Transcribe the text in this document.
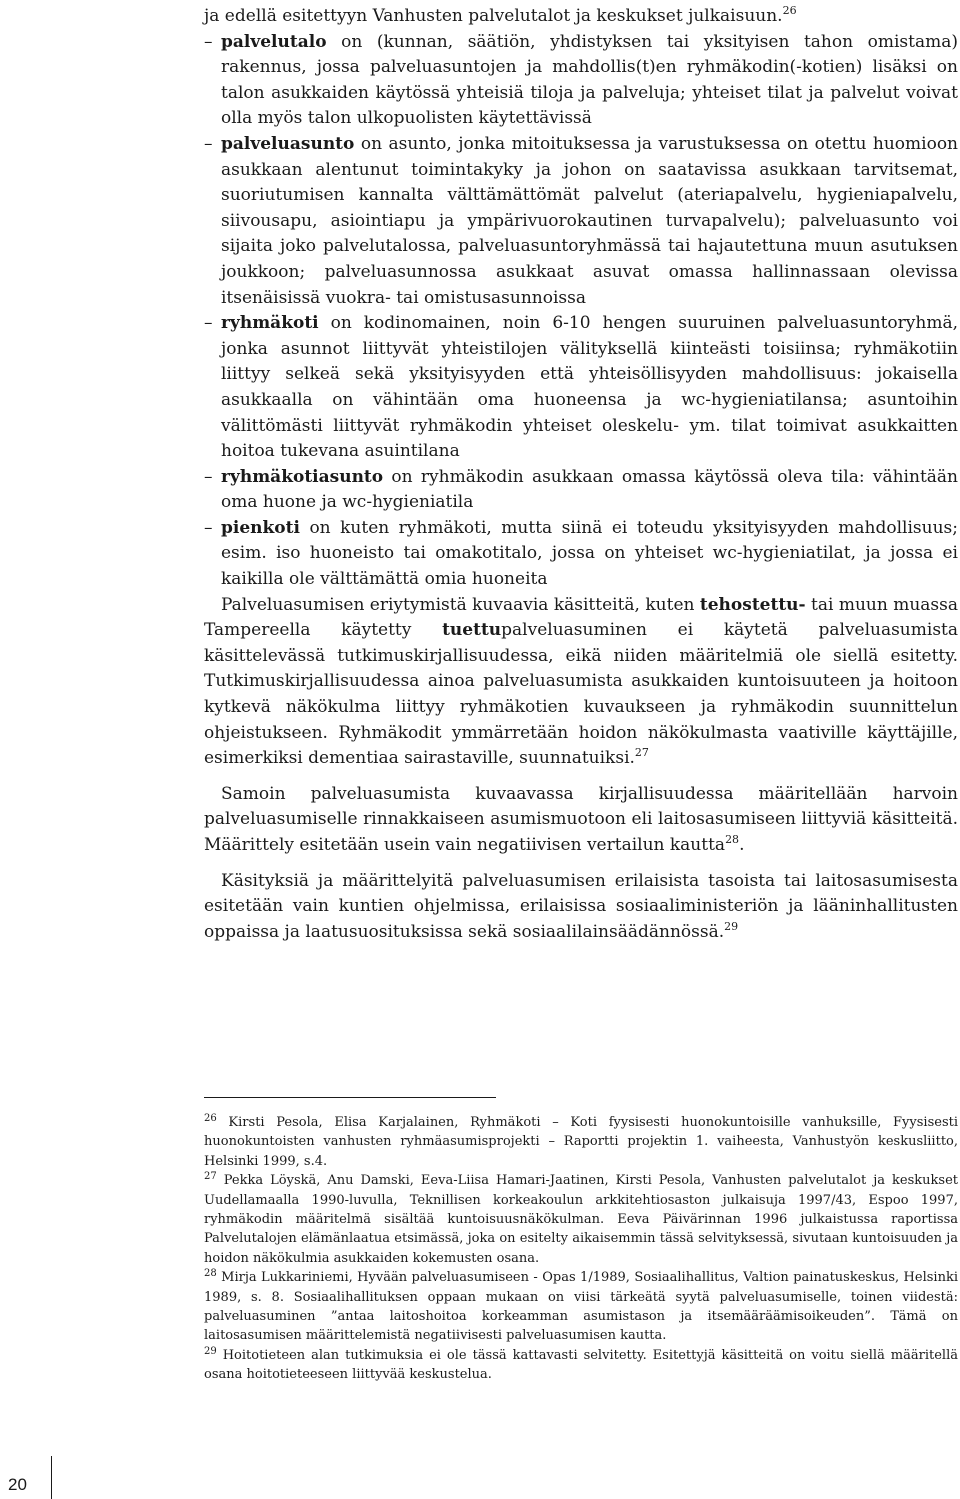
ja edellä esitettyyn Vanhusten palvelutalot ja keskukset julkaisuun.$^{26}$

– palvelutalo on (kunnan, säätiön, yhdistyksen tai yksityisen tahon omistama) rakennus, jossa palveluasuntojen ja mahdollis(t)en ryhmäkodin(-kotien) lisäksi on talon asukkaiden käytössä yhteisiä tiloja ja palveluja; yhteiset tilat ja palvelut voivat olla myös talon ulkopuolisten käytettävissä

– palveluasunto on asunto, jonka mitoituksessa ja varustuksessa on otettu huomioon asukkaan alentunut toimintakyky ja johon on saatavissa asukkaan tarvitsemat, suoriutumisen kannalta välttämättömät palvelut (ateriapalvelu, hygieniapalvelu, siivousapu, asiointiapu ja ympärivuorokautinen turvapalvelu); palveluasunto voi sijaita joko palvelutalossa, palveluasuntoryhmässä tai hajautettuna muun asutuksen joukkoon; palveluasunnossa asukkaat asuvat omassa hallinnassaan olevissa itsenäisissä vuokra- tai omistusasunnoissa

– ryhmäkoti on kodinomainen, noin 6-10 hengen suuruinen palveluasuntoryhmä, jonka asunnot liittyvät yhteistilojen välityksellä kiinteästi toisiinsa; ryhmäkotiin liittyy selkeä sekä yksityisyyden että yhteisöllisyyden mahdollisuus: jokaisella asukkaalla on vähintään oma huoneensa ja wc-hygieniatilansa; asuntoihin välittömästi liittyvät ryhmäkodin yhteiset oleskelu- ym. tilat toimivat asukkaitten hoitoa tukevana asuintilana

– ryhmäkotiasunto on ryhmäkodin asukkaan omassa käytössä oleva tila: vähintään oma huone ja wc-hygieniatila

– pienkoti on kuten ryhmäkoti, mutta siinä ei toteudu yksityisyyden mahdollisuus; esim. iso huoneisto tai omakotitalo, jossa on yhteiset wc-hygieniatilat, ja jossa ei kaikilla ole välttämättä omia huoneita

Palveluasumisen eriytymistä kuvaavia käsitteitä, kuten tehostettu- tai muun muassa Tampereella käytetty tuettupalveluasuminen ei käytetä palveluasumista käsittelevässä tutkimuskirjallisuudessa, eikä niiden määritelmiä ole siellä esitetty. Tutkimuskirjallisuudessa ainoa palveluasumista asukkaiden kuntoisuuteen ja hoitoon kytkevä näkökulma liittyy ryhmäkotien kuvaukseen ja ryhmäkodin suunnittelun ohjeistukseen. Ryhmäkodit ymmärretään hoidon näkökulmasta vaativille käyttäjille, esimerkiksi dementiaa sairastaville, suunnatuiksi.$^{27}$

Samoin palveluasumista kuvaavassa kirjallisuudessa määritellään harvoin palveluasumiselle rinnakkaiseen asumismuotoon eli laitosasumiseen liittyviä käsitteitä. Määrittely esitetään usein vain negatiivisen vertailun kautta$^{28}$.

Käsityksiä ja määrittelyitä palveluasumisen erilaisista tasoista tai laitosasumisesta esitetään vain kuntien ohjelmissa, erilaisissa sosiaaliministeriön ja lääninhallitusten oppaissa ja laatusuosituksissa sekä sosiaalilainsäädännössä.$^{29}$

$^{26}$ Kirsti Pesola, Elisa Karjalainen, Ryhmäkoti – Koti fyysisesti huonokuntoisille vanhuksille, Fyysisesti huonokuntoisten vanhusten ryhmäasumisprojekti – Raportti projektin 1. vaiheesta, Vanhustyön keskusliitto, Helsinki 1999, s.4.

$^{27}$ Pekka Löyskä, Anu Damski, Eeva-Liisa Hamari-Jaatinen, Kirsti Pesola, Vanhusten palvelutalot ja keskukset Uudellamaalla 1990-luvulla, Teknillisen korkeakoulun arkkitehtiosaston julkaisuja 1997/43, Espoo 1997, ryhmäkodin määritelmä sisältää kuntoisuusnäkökulman. Eeva Päivärinnan 1996 julkaistussa raportissa Palvelutalojen elämänlaatua etsimässä, joka on esitelty aikaisemmin tässä selvityksessä, sivutaan kuntoisuuden ja hoidon näkökulmia asukkaiden kokemusten osana.

$^{28}$ Mirja Lukkariniemi, Hyvään palveluasumiseen - Opas 1/1989, Sosiaalihallitus, Valtion painatuskeskus, Helsinki 1989, s. 8. Sosiaalihallituksen oppaan mukaan on viisi tärkeätä syytä palveluasumiselle, toinen viidestä: palveluasuminen ”antaa laitoshoitoa korkeamman asumistason ja itsemääräämisoikeuden”. Tämä on laitosasumisen määrittelemistä negatiivisesti palveluasumisen kautta.

$^{29}$ Hoitotieteen alan tutkimuksia ei ole tässä kattavasti selvitetty. Esitettyjä käsitteitä on voitu siellä määritellä osana hoitotieteeseen liittyvää keskustelua.

20
